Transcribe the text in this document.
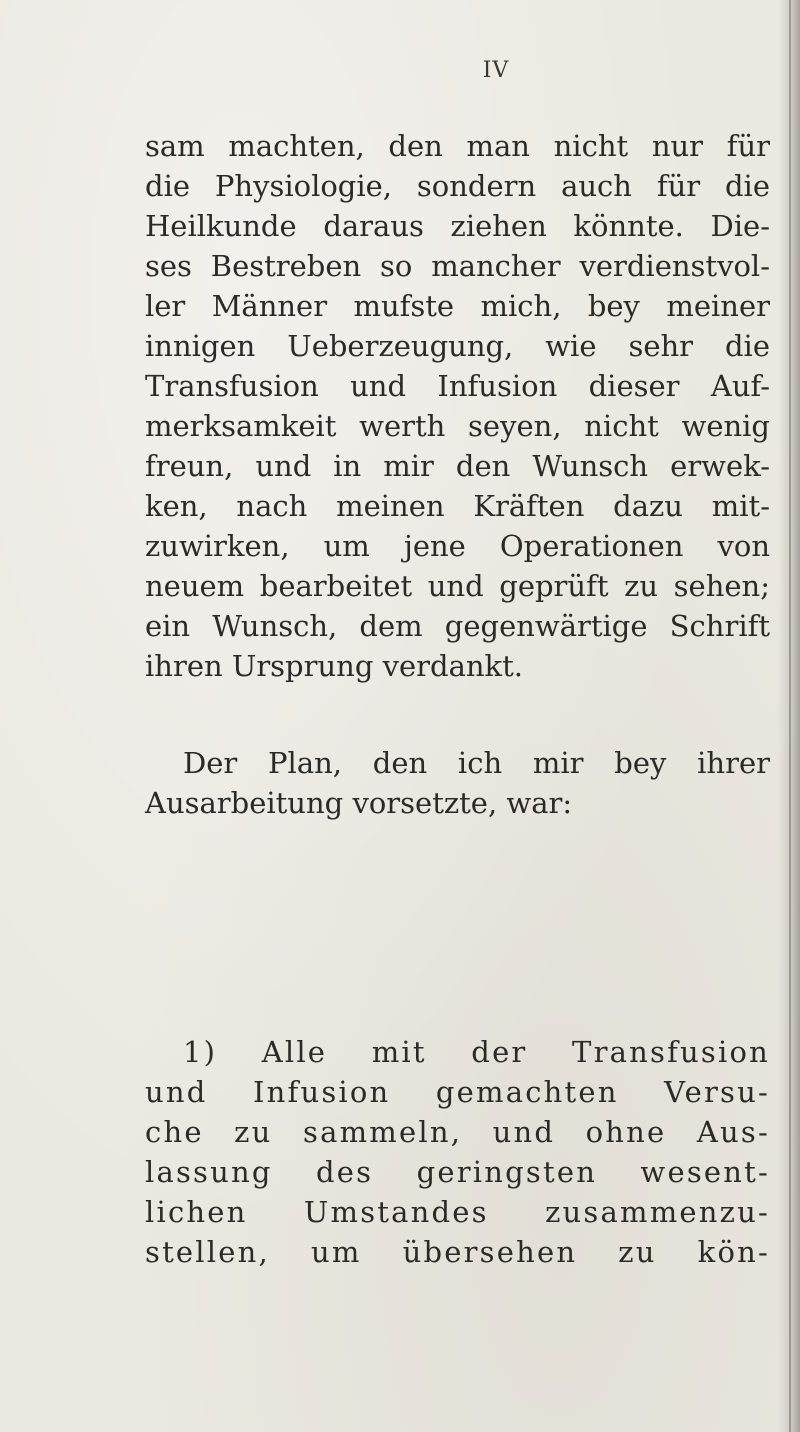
IV
sam machten, den man nicht nur für
die Physiologie, sondern auch für die
Heilkunde daraus ziehen könnte. Die-
ses Bestreben so mancher verdienstvol-
ler Männer mufste mich, bey meiner
innigen Ueberzeugung, wie sehr die
Transfusion und Infusion dieser Auf-
merksamkeit werth seyen, nicht wenig
freun, und in mir den Wunsch erwek-
ken, nach meinen Kräften dazu mit-
zuwirken, um jene Operationen von
neuem bearbeitet und geprüft zu sehen;
ein Wunsch, dem gegenwärtige Schrift
ihren Ursprung verdankt.
Der Plan, den ich mir bey ihrer
Ausarbeitung vorsetzte, war:
1) Alle mit der Transfusion
und Infusion gemachten Versu-
che zu sammeln, und ohne Aus-
lassung des geringsten wesent-
lichen Umstandes zusammenzu-
stellen, um übersehen zu kön-
